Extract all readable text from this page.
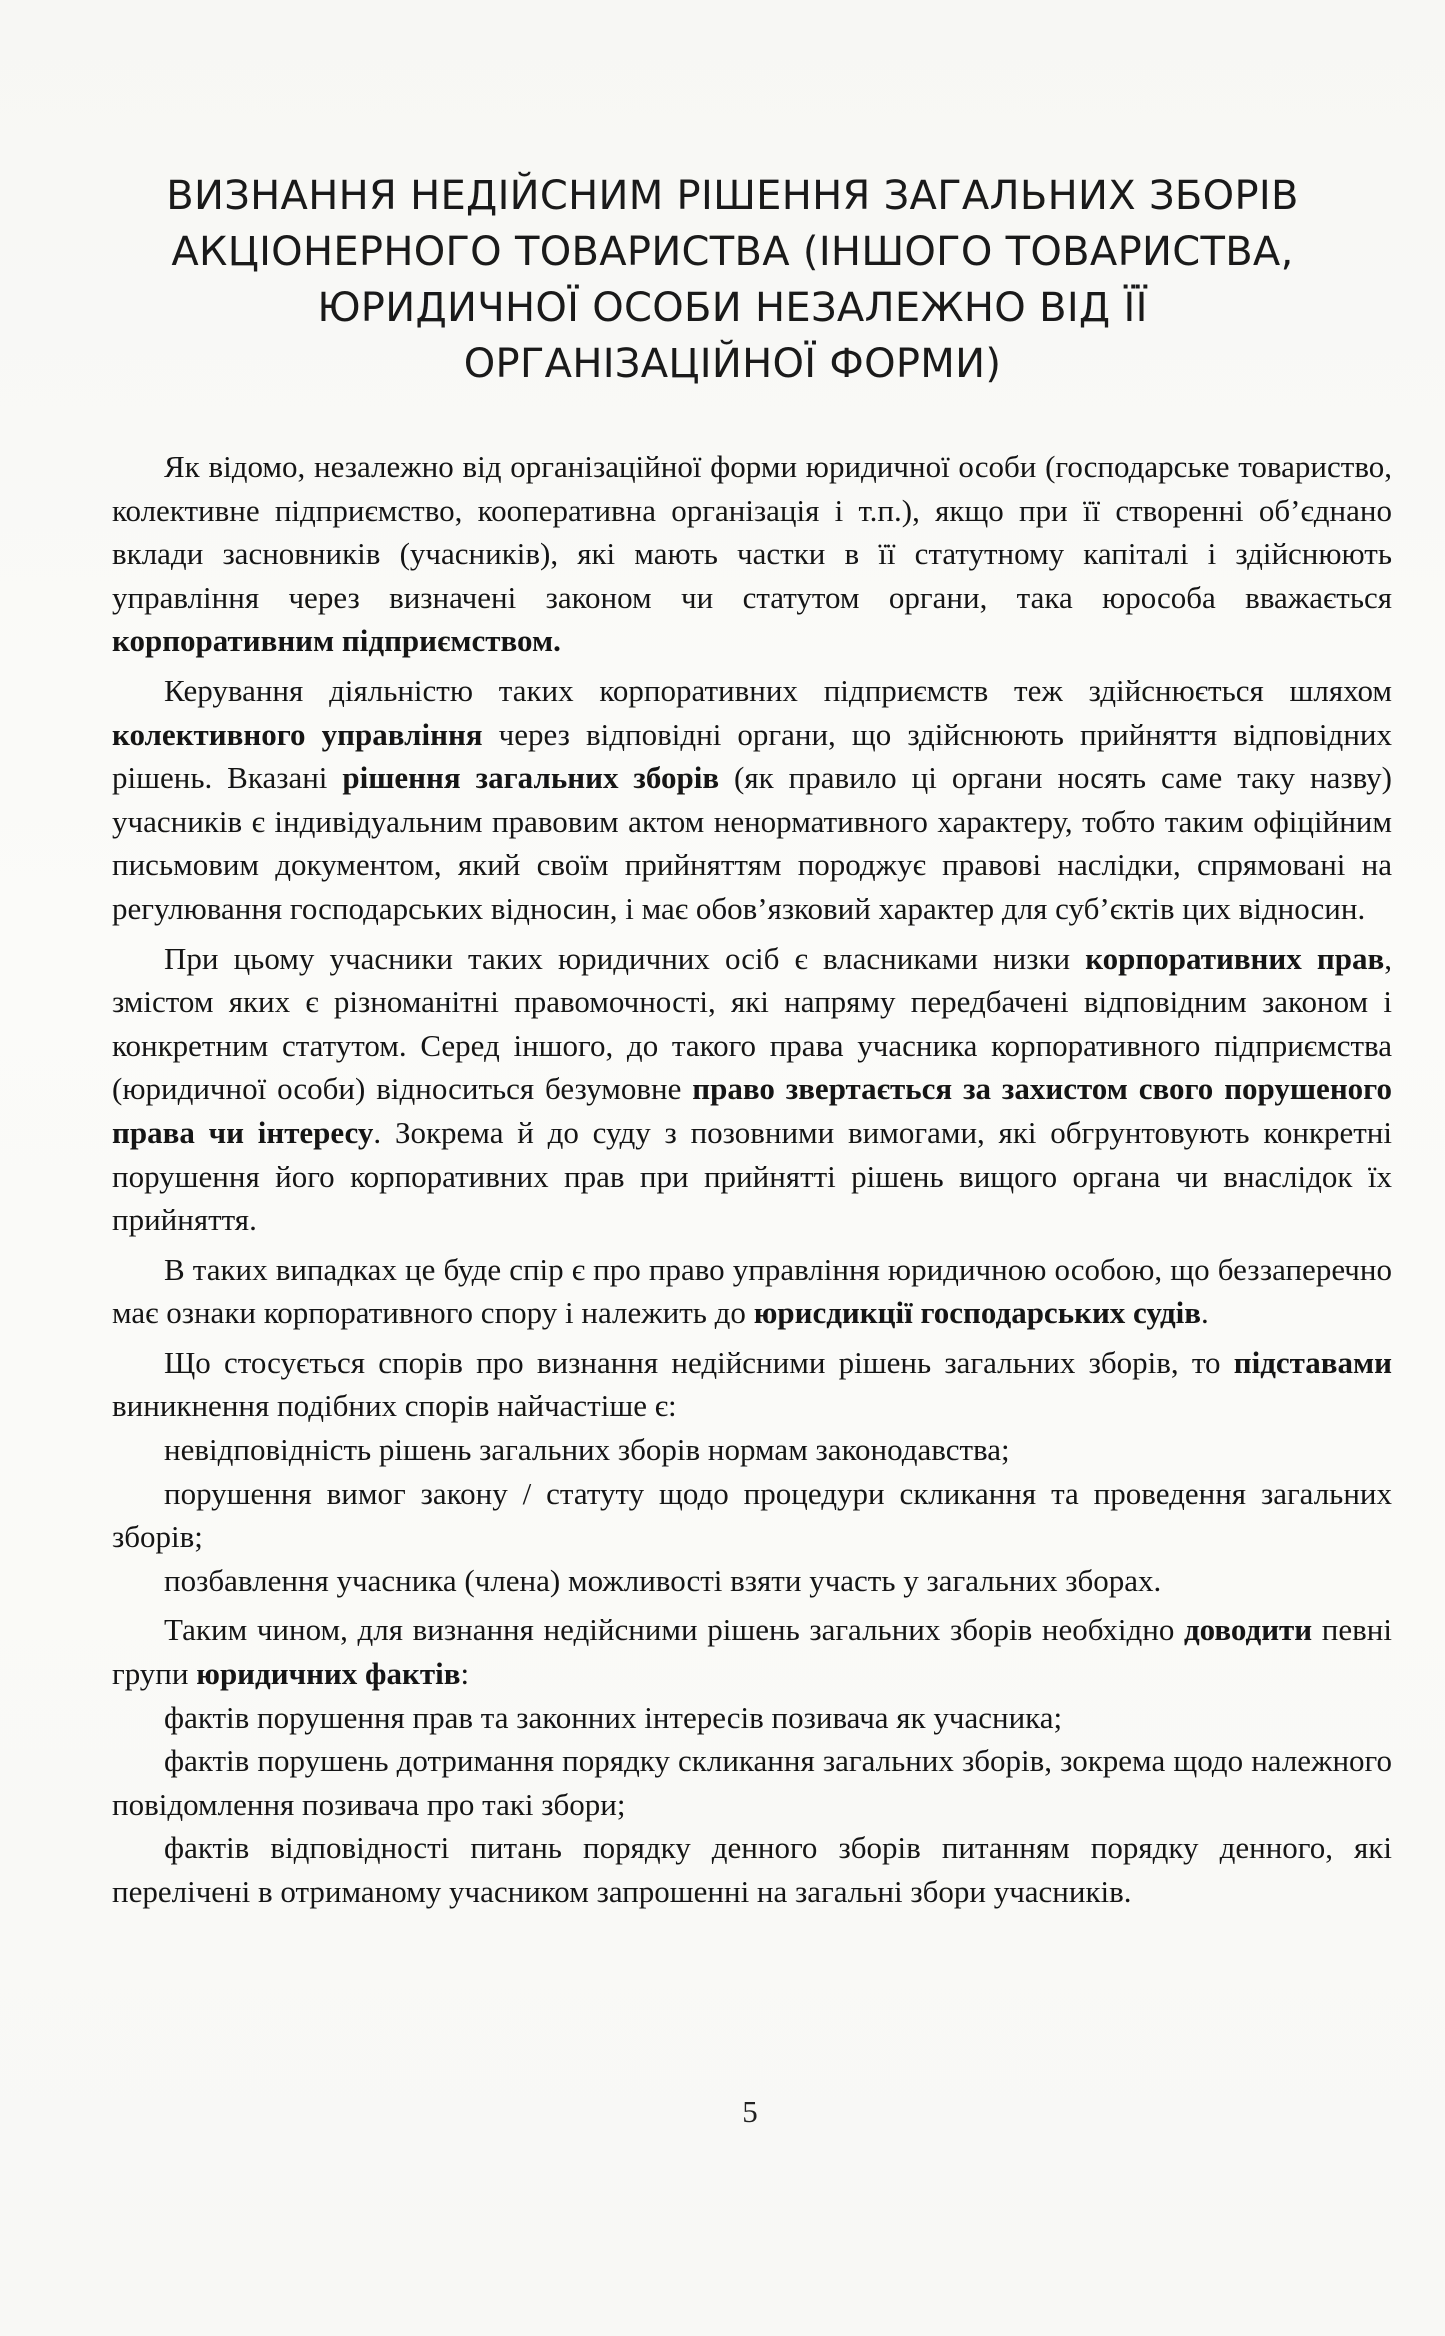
ВИЗНАННЯ НЕДІЙСНИМ РІШЕННЯ ЗАГАЛЬНИХ ЗБОРІВ АКЦІОНЕРНОГО ТОВАРИСТВА (ІНШОГО ТОВАРИСТВА, ЮРИДИЧНОЇ ОСОБИ НЕЗАЛЕЖНО ВІД ЇЇ ОРГАНІЗАЦІЙНОЇ ФОРМИ)

Як відомо, незалежно від організаційної форми юридичної особи (господарське товариство, колективне підприємство, кооперативна організація і т.п.), якщо при її створенні об’єднано вклади засновників (учасників), які мають частки в її статутному капіталі і здійснюють управління через визначені законом чи статутом органи, така юрособа вважається корпоративним підприємством.

Керування діяльністю таких корпоративних підприємств теж здійснюється шляхом колективного управління через відповідні органи, що здійснюють прийняття відповідних рішень. Вказані рішення загальних зборів (як правило ці органи носять саме таку назву) учасників є індивідуальним правовим актом ненормативного характеру, тобто таким офіційним письмовим документом, який своїм прийняттям породжує правові наслідки, спрямовані на регулювання господарських відносин, і має обов’язковий характер для суб’єктів цих відносин.

При цьому учасники таких юридичних осіб є власниками низки корпоративних прав, змістом яких є різноманітні правомочності, які напряму передбачені відповідним законом і конкретним статутом. Серед іншого, до такого права учасника корпоративного підприємства (юридичної особи) відноситься безумовне право звертається за захистом свого порушеного права чи інтересу. Зокрема й до суду з позовними вимогами, які обгрунтовують конкретні порушення його корпоративних прав при прийнятті рішень вищого органа чи внаслідок їх прийняття.

В таких випадках це буде спір є про право управління юридичною особою, що беззаперечно має ознаки корпоративного спору і належить до юрисдикції господарських судів.

Що стосується спорів про визнання недійсними рішень загальних зборів, то підставами виникнення подібних спорів найчастіше є:

невідповідність рішень загальних зборів нормам законодавства;

порушення вимог закону / статуту щодо процедури скликання та проведення загальних зборів;

позбавлення учасника (члена) можливості взяти участь у загальних зборах.

Таким чином, для визнання недійсними рішень загальних зборів необхідно доводити певні групи юридичних фактів:

фактів порушення прав та законних інтересів позивача як учасника;

фактів порушень дотримання порядку скликання загальних зборів, зокрема щодо належного повідомлення позивача про такі збори;

фактів відповідності питань порядку денного зборів питанням порядку денного, які перелічені в отриманому учасником запрошенні на загальні збори учасників.

5
